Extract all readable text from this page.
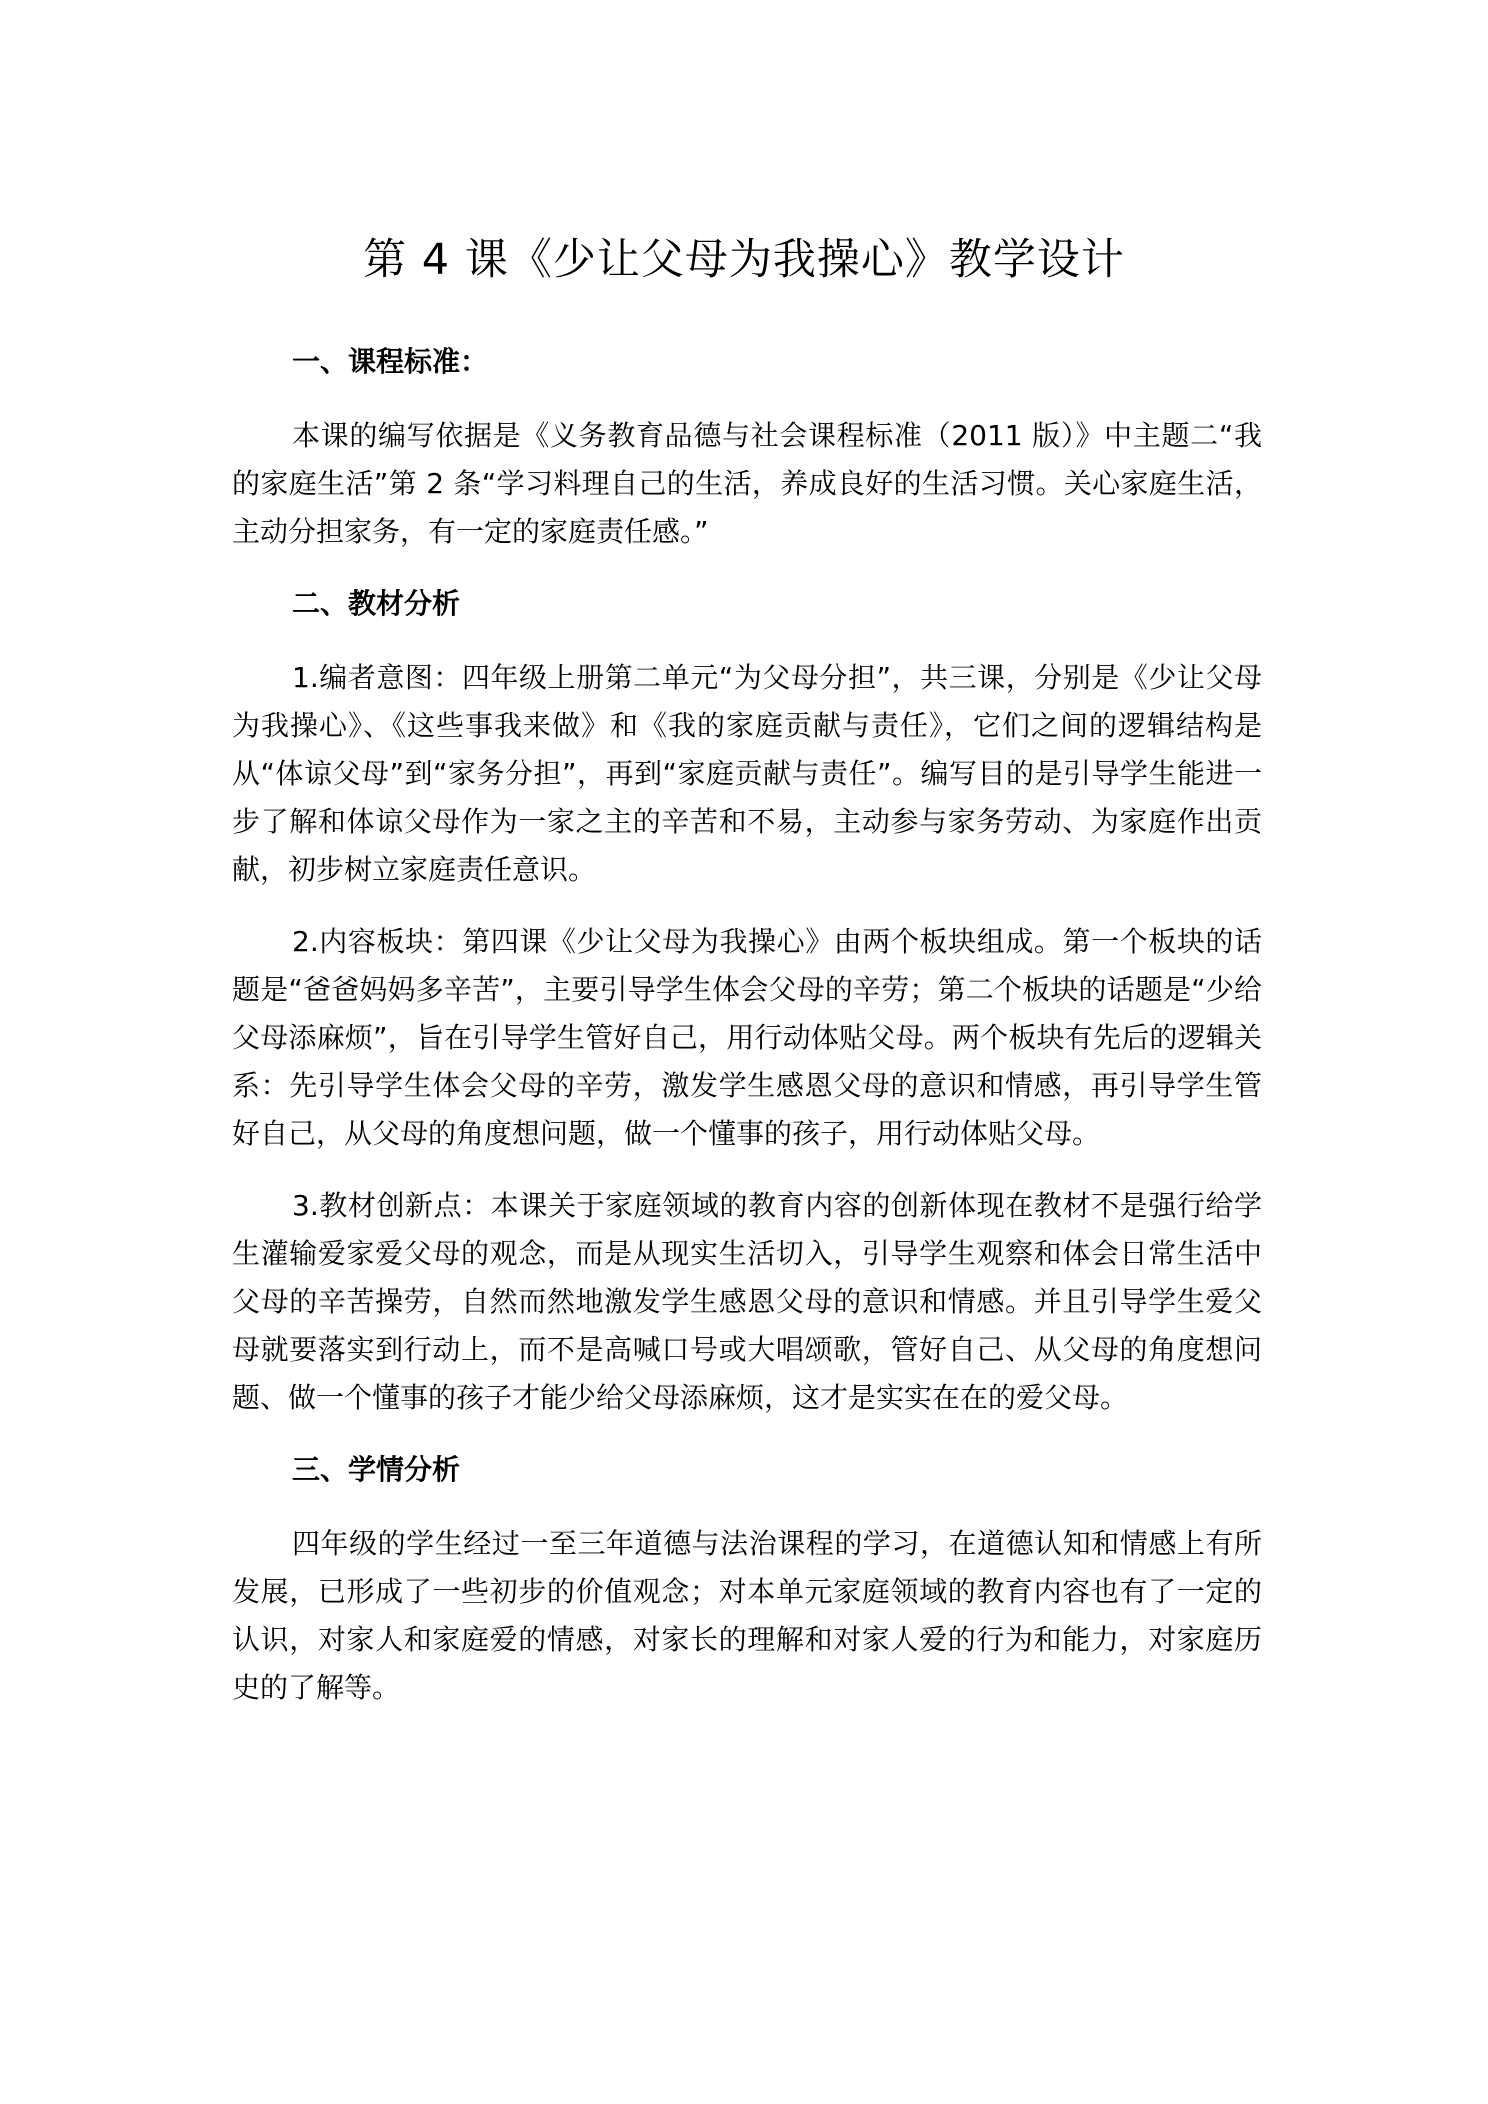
第 4 课《少让父母为我操心》教学设计
一、课程标准：

本课的编写依据是《义务教育品德与社会课程标准（2011 版）》中主题二“我的家庭生活”第 2 条“学习料理自己的生活，养成良好的生活习惯。关心家庭生活，主动分担家务，有一定的家庭责任感。”

二、教材分析

1.编者意图：四年级上册第二单元“为父母分担”，共三课，分别是《少让父母为我操心》、《这些事我来做》和《我的家庭贡献与责任》，它们之间的逻辑结构是从“体谅父母”到“家务分担”，再到“家庭贡献与责任”。编写目的是引导学生能进一步了解和体谅父母作为一家之主的辛苦和不易，主动参与家务劳动、为家庭作出贡献，初步树立家庭责任意识。

2.内容板块：第四课《少让父母为我操心》由两个板块组成。第一个板块的话题是“爸爸妈妈多辛苦”，主要引导学生体会父母的辛劳；第二个板块的话题是“少给父母添麻烦”，旨在引导学生管好自己，用行动体贴父母。两个板块有先后的逻辑关系：先引导学生体会父母的辛劳，激发学生感恩父母的意识和情感，再引导学生管好自己，从父母的角度想问题，做一个懂事的孩子，用行动体贴父母。

3.教材创新点：本课关于家庭领域的教育内容的创新体现在教材不是强行给学生灌输爱家爱父母的观念，而是从现实生活切入，引导学生观察和体会日常生活中父母的辛苦操劳，自然而然地激发学生感恩父母的意识和情感。并且引导学生爱父母就要落实到行动上，而不是高喊口号或大唱颂歌，管好自己、从父母的角度想问题、做一个懂事的孩子才能少给父母添麻烦，这才是实实在在的爱父母。

三、学情分析

四年级的学生经过一至三年道德与法治课程的学习，在道德认知和情感上有所发展，已形成了一些初步的价值观念；对本单元家庭领域的教育内容也有了一定的认识，对家人和家庭爱的情感，对家长的理解和对家人爱的行为和能力，对家庭历史的了解等。
